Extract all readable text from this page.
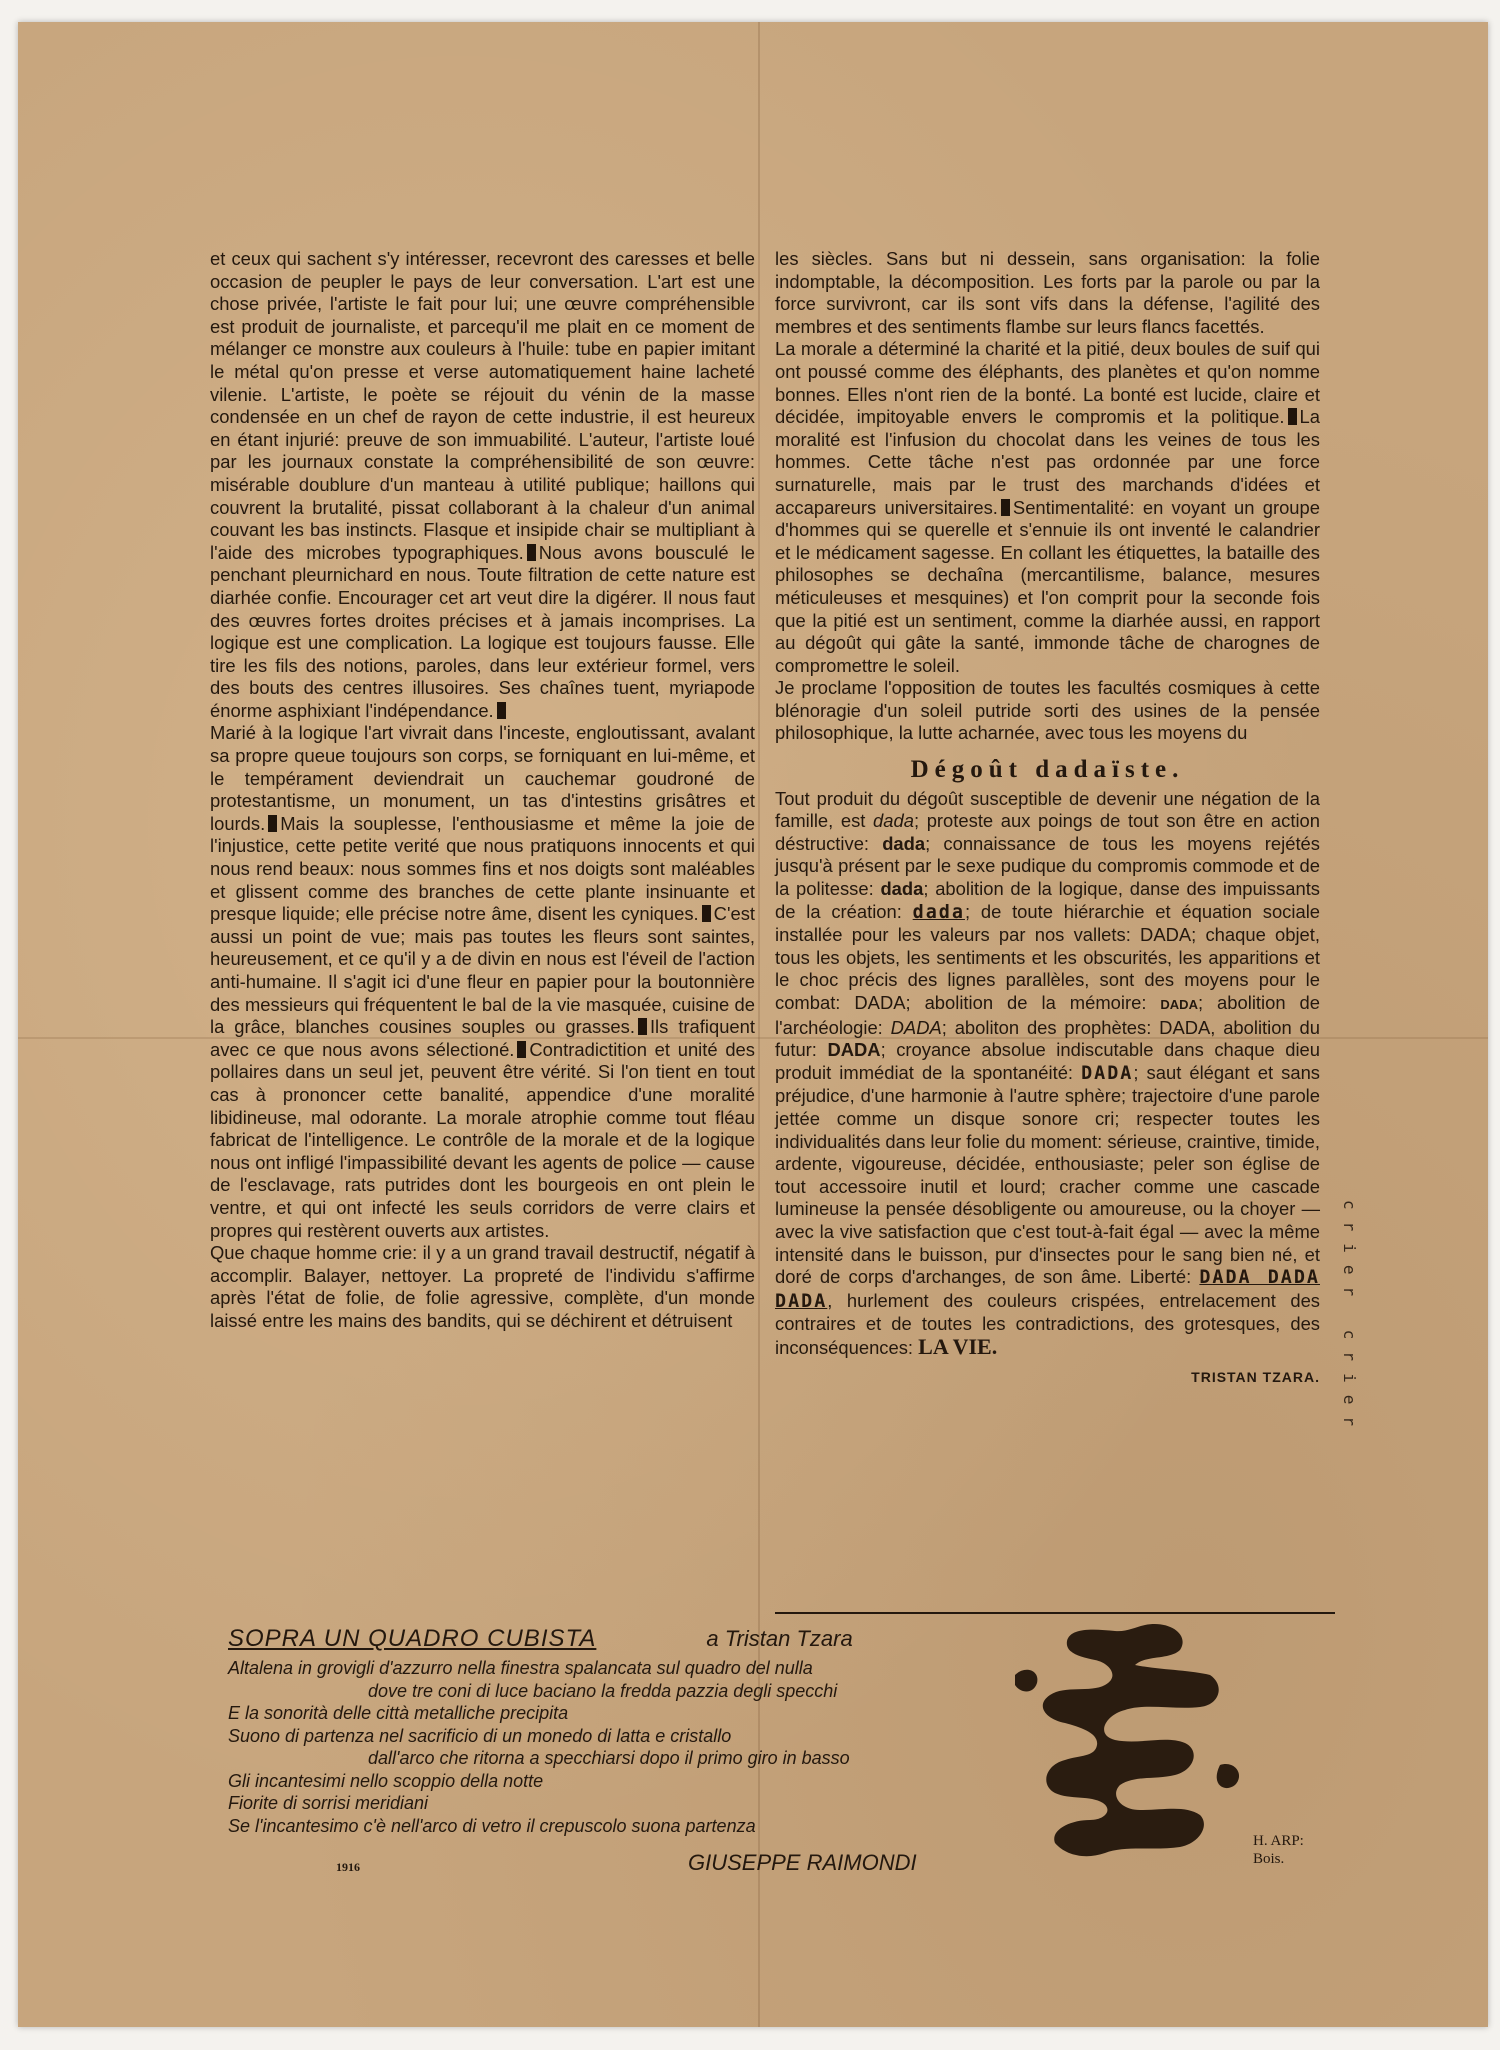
et ceux qui sachent s'y intéresser, recevront des caresses et belle occasion de peupler le pays de leur conversation. L'art est une chose privée, l'artiste le fait pour lui; une œuvre compréhensible est produit de journaliste, et parcequ'il me plait en ce moment de mélanger ce monstre aux couleurs à l'huile: tube en papier imitant le métal qu'on presse et verse automatiquement haine lacheté vilenie. L'artiste, le poète se réjouit du vénin de la masse condensée en un chef de rayon de cette industrie, il est heureux en étant injurié: preuve de son immuabilité. L'auteur, l'artiste loué par les journaux constate la compréhensibilité de son œuvre: misérable doublure d'un manteau à utilité publique; haillons qui couvrent la brutalité, pissat collaborant à la chaleur d'un animal couvant les bas instincts. Flasque et insipide chair se multipliant à l'aide des microbes typographiques. Nous avons bousculé le penchant pleurnichard en nous. Toute filtration de cette nature est diarhée confie. Encourager cet art veut dire la digérer. Il nous faut des œuvres fortes droites précises et à jamais incomprises. La logique est une complication. La logique est toujours fausse. Elle tire les fils des notions, paroles, dans leur extérieur formel, vers des bouts des centres illusoires. Ses chaînes tuent, myriapode énorme asphixiant l'indépendance.

Marié à la logique l'art vivrait dans l'inceste, engloutissant, avalant sa propre queue toujours son corps, se forniquant en lui-même, et le tempérament deviendrait un cauchemar goudroné de protestantisme, un monument, un tas d'intestins grisâtres et lourds. Mais la souplesse, l'enthousiasme et même la joie de l'injustice, cette petite verité que nous pratiquons innocents et qui nous rend beaux: nous sommes fins et nos doigts sont maléables et glissent comme des branches de cette plante insinuante et presque liquide; elle précise notre âme, disent les cyniques. C'est aussi un point de vue; mais pas toutes les fleurs sont saintes, heureusement, et ce qu'il y a de divin en nous est l'éveil de l'action anti-humaine. Il s'agit ici d'une fleur en papier pour la boutonnière des messieurs qui fréquentent le bal de la vie masquée, cuisine de la grâce, blanches cousines souples ou grasses. Ils trafiquent avec ce que nous avons sélectioné. Contradictition et unité des pollaires dans un seul jet, peuvent être vérité. Si l'on tient en tout cas à prononcer cette banalité, appendice d'une moralité libidineuse, mal odorante. La morale atrophie comme tout fléau fabricat de l'intelligence. Le contrôle de la morale et de la logique nous ont infligé l'impassibilité devant les agents de police — cause de l'esclavage, rats putrides dont les bourgeois en ont plein le ventre, et qui ont infecté les seuls corridors de verre clairs et propres qui restèrent ouverts aux artistes.

Que chaque homme crie: il y a un grand travail destructif, négatif à accomplir. Balayer, nettoyer. La propreté de l'individu s'affirme après l'état de folie, de folie agressive, complète, d'un monde laissé entre les mains des bandits, qui se déchirent et détruisent

les siècles. Sans but ni dessein, sans organisation: la folie indomptable, la décomposition. Les forts par la parole ou par la force survivront, car ils sont vifs dans la défense, l'agilité des membres et des sentiments flambe sur leurs flancs facettés.

La morale a déterminé la charité et la pitié, deux boules de suif qui ont poussé comme des éléphants, des planètes et qu'on nomme bonnes. Elles n'ont rien de la bonté. La bonté est lucide, claire et décidée, impitoyable envers le compromis et la politique. La moralité est l'infusion du chocolat dans les veines de tous les hommes. Cette tâche n'est pas ordonnée par une force surnaturelle, mais par le trust des marchands d'idées et accapareurs universitaires. Sentimentalité: en voyant un groupe d'hommes qui se querelle et s'ennuie ils ont inventé le calandrier et le médicament sagesse. En collant les étiquettes, la bataille des philosophes se dechaîna (mercantilisme, balance, mesures méticuleuses et mesquines) et l'on comprit pour la seconde fois que la pitié est un sentiment, comme la diarhée aussi, en rapport au dégoût qui gâte la santé, immonde tâche de charognes de compromettre le soleil.

Je proclame l'opposition de toutes les facultés cosmiques à cette blénoragie d'un soleil putride sorti des usines de la pensée philosophique, la lutte acharnée, avec tous les moyens du

Dégoût dadaïste.

Tout produit du dégoût susceptible de devenir une négation de la famille, est dada; proteste aux poings de tout son être en action déstructive: dada; connaissance de tous les moyens rejétés jusqu'à présent par le sexe pudique du compromis commode et de la politesse: dada; abolition de la logique, danse des impuissants de la création: dada; de toute hiérarchie et équation sociale installée pour les valeurs par nos vallets: DADA; chaque objet, tous les objets, les sentiments et les obscurités, les apparitions et le choc précis des lignes parallèles, sont des moyens pour le combat: DADA; abolition de la mémoire: DADA; abolition de l'archéologie: DADA; aboliton des prophètes: DADA, abolition du futur: DADA; croyance absolue indiscutable dans chaque dieu produit immédiat de la spontanéité: DADA; saut élégant et sans préjudice, d'une harmonie à l'autre sphère; trajectoire d'une parole jettée comme un disque sonore cri; respecter toutes les individualités dans leur folie du moment: sérieuse, craintive, timide, ardente, vigoureuse, décidée, enthousiaste; peler son église de tout accessoire inutil et lourd; cracher comme une cascade lumineuse la pensée désobligente ou amoureuse, ou la choyer — avec la vive satisfaction que c'est tout-à-fait égal — avec la même intensité dans le buisson, pur d'insectes pour le sang bien né, et doré de corps d'archanges, de son âme. Liberté: DADA DADA DADA, hurlement des couleurs crispées, entrelacement des contraires et de toutes les contradictions, des grotesques, des inconséquences: LA VIE.

TRISTAN TZARA. crier crier
SOPRA UN QUADRO CUBISTA	a Tristan Tzara
Altalena in grovigli d'azzurro nella finestra spalancata sul quadro del nulla
dove tre coni di luce baciano la fredda pazzia degli specchi
E la sonorità delle città metalliche precipita
Suono di partenza nel sacrificio di un monedo di latta e cristallo
dall'arco che ritorna a specchiarsi dopo il primo giro in basso
Gli incantesimi nello scoppio della notte
Fiorite di sorrisi meridiani
Se l'incantesimo c'è nell'arco di vetro il crepuscolo suona partenza
1916	GIUSEPPE RAIMONDI
H. ARP:
Bois.
